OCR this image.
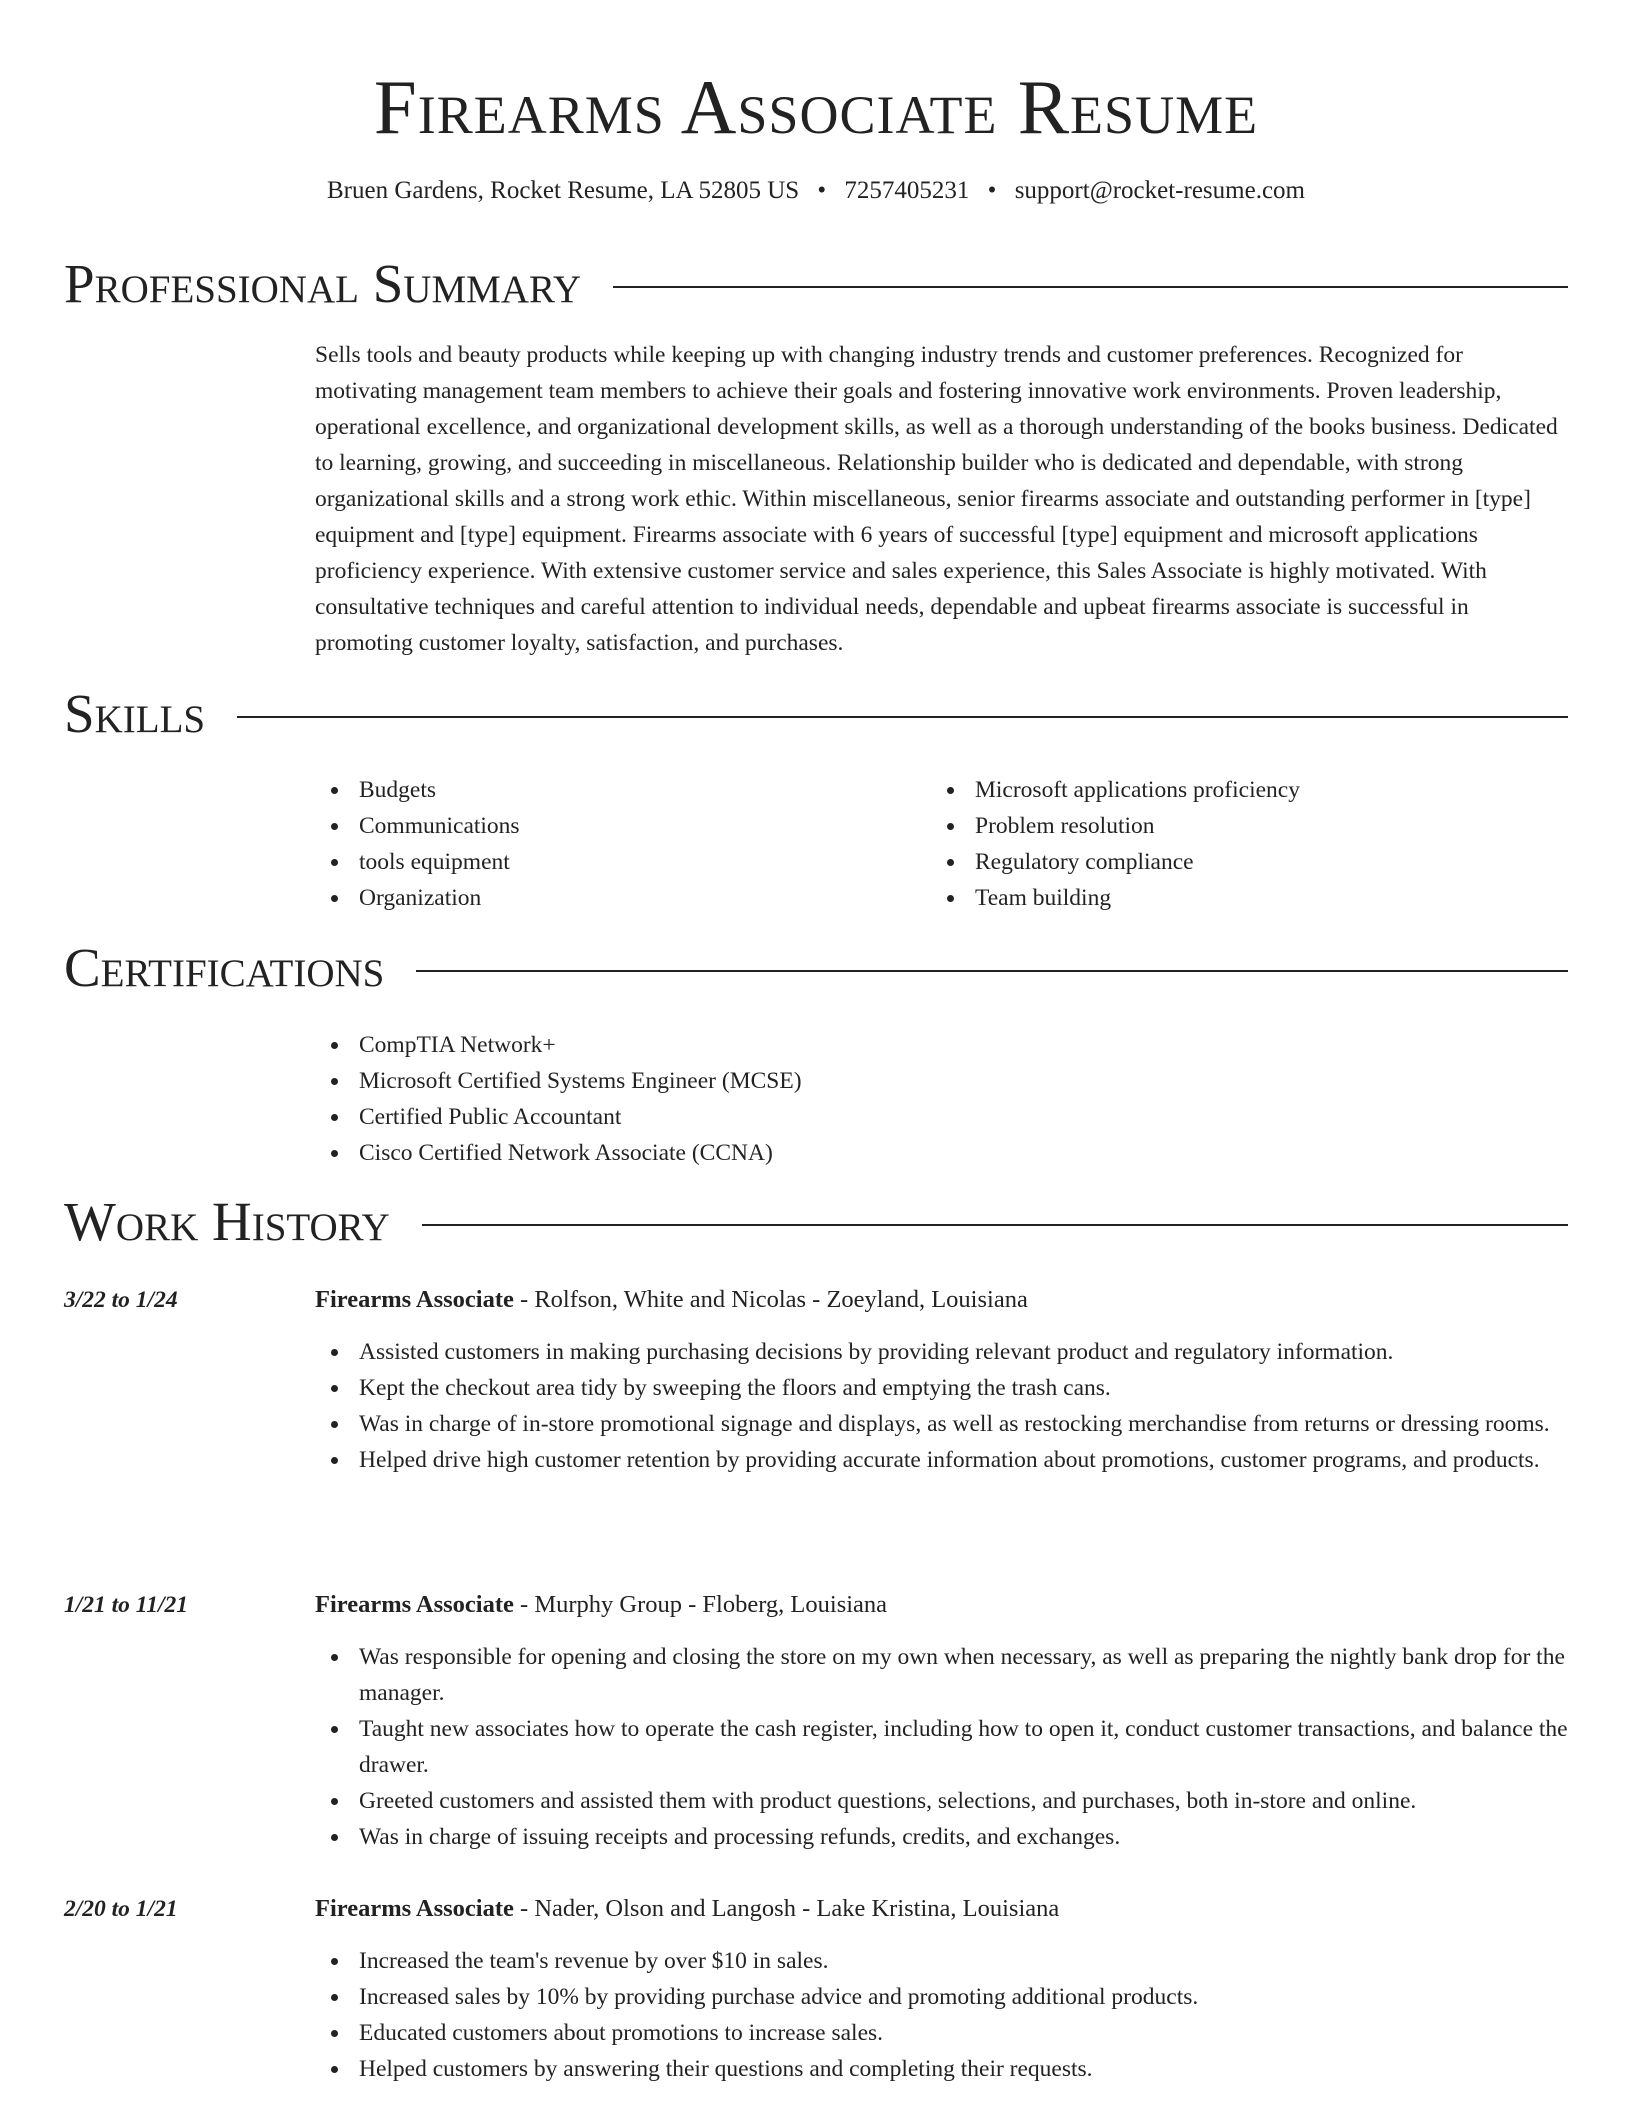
Firearms Associate Resume
Bruen Gardens, Rocket Resume, LA 52805 US • 7257405231 • support@rocket-resume.com
Professional Summary
Sells tools and beauty products while keeping up with changing industry trends and customer preferences. Recognized for motivating management team members to achieve their goals and fostering innovative work environments. Proven leadership, operational excellence, and organizational development skills, as well as a thorough understanding of the books business. Dedicated to learning, growing, and succeeding in miscellaneous. Relationship builder who is dedicated and dependable, with strong organizational skills and a strong work ethic. Within miscellaneous, senior firearms associate and outstanding performer in [type] equipment and [type] equipment. Firearms associate with 6 years of successful [type] equipment and microsoft applications proficiency experience. With extensive customer service and sales experience, this Sales Associate is highly motivated. With consultative techniques and careful attention to individual needs, dependable and upbeat firearms associate is successful in promoting customer loyalty, satisfaction, and purchases.
Skills
Budgets
Communications
tools equipment
Organization
Microsoft applications proficiency
Problem resolution
Regulatory compliance
Team building
Certifications
CompTIA Network+
Microsoft Certified Systems Engineer (MCSE)
Certified Public Accountant
Cisco Certified Network Associate (CCNA)
Work History
3/22 to 1/24	Firearms Associate - Rolfson, White and Nicolas - Zoeyland, Louisiana
Assisted customers in making purchasing decisions by providing relevant product and regulatory information.
Kept the checkout area tidy by sweeping the floors and emptying the trash cans.
Was in charge of in-store promotional signage and displays, as well as restocking merchandise from returns or dressing rooms.
Helped drive high customer retention by providing accurate information about promotions, customer programs, and products.
1/21 to 11/21	Firearms Associate - Murphy Group - Floberg, Louisiana
Was responsible for opening and closing the store on my own when necessary, as well as preparing the nightly bank drop for the manager.
Taught new associates how to operate the cash register, including how to open it, conduct customer transactions, and balance the drawer.
Greeted customers and assisted them with product questions, selections, and purchases, both in-store and online.
Was in charge of issuing receipts and processing refunds, credits, and exchanges.
2/20 to 1/21	Firearms Associate - Nader, Olson and Langosh - Lake Kristina, Louisiana
Increased the team's revenue by over $10 in sales.
Increased sales by 10% by providing purchase advice and promoting additional products.
Educated customers about promotions to increase sales.
Helped customers by answering their questions and completing their requests.
